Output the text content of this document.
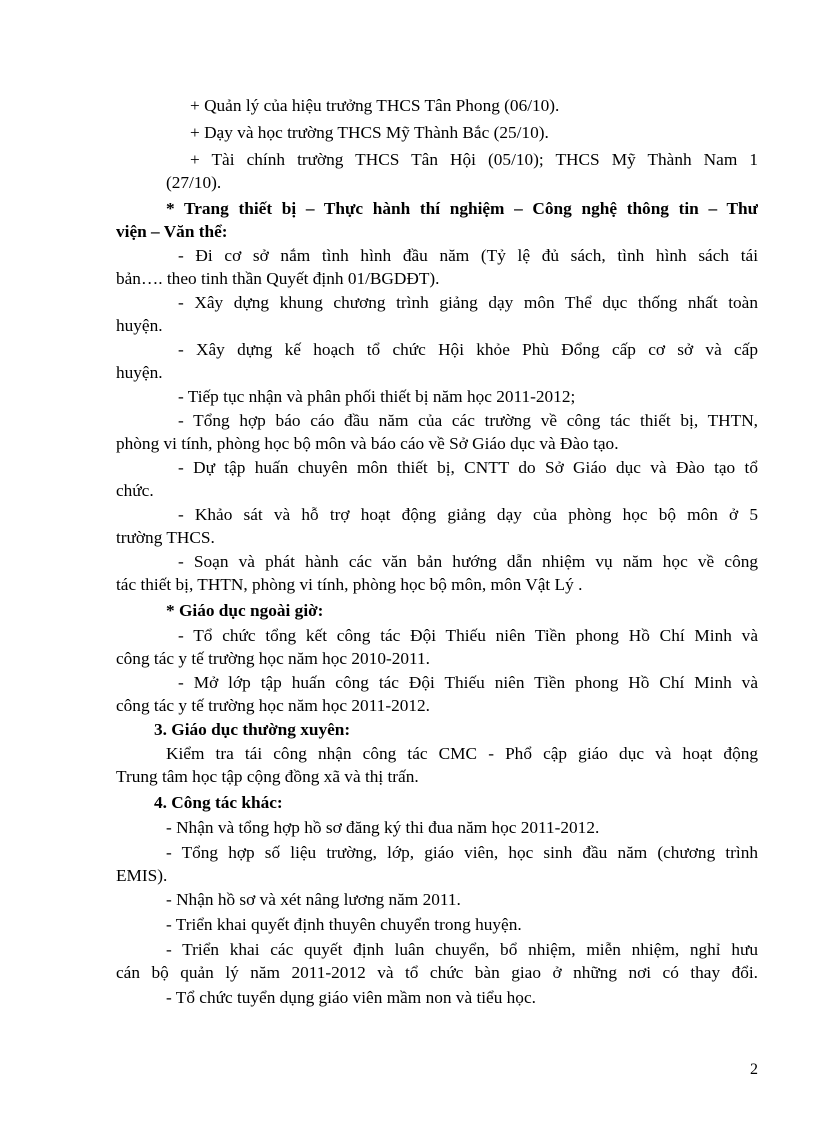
+ Quản lý của hiệu trưởng THCS Tân Phong (06/10).
+ Dạy và học trường THCS Mỹ Thành Bắc (25/10).
+ Tài chính trường THCS Tân Hội (05/10); THCS Mỹ Thành Nam 1
(27/10).
* Trang thiết bị – Thực hành thí nghiệm – Công nghệ thông tin – Thư
viện – Văn thể:
- Đi cơ sở nắm tình hình đầu năm (Tỷ lệ đủ sách, tình hình sách tái
bản…. theo tinh thần Quyết định 01/BGDĐT).
- Xây dựng khung chương trình giảng dạy môn Thể dục thống nhất toàn
huyện.
- Xây dựng kế hoạch tổ chức Hội khỏe Phù Đổng cấp cơ sở và cấp
huyện.
- Tiếp tục nhận và phân phối thiết bị năm học 2011-2012;
- Tổng hợp báo cáo đầu năm của các trường về công tác thiết bị, THTN,
phòng vi tính, phòng học bộ môn và báo cáo về Sở Giáo dục và Đào tạo.
- Dự tập huấn chuyên môn thiết bị, CNTT do Sở Giáo dục và Đào tạo tổ
chức.
- Khảo sát và hỗ trợ hoạt động giảng dạy của phòng học bộ môn ở 5
trường THCS.
- Soạn và phát hành các văn bản hướng dẫn nhiệm vụ năm học về công
tác thiết bị, THTN, phòng vi tính, phòng học bộ môn, môn Vật Lý .
* Giáo dục ngoài giờ:
- Tổ chức tổng kết công tác Đội Thiếu niên Tiền phong Hồ Chí Minh và
công tác y tế trường học năm học 2010-2011.
- Mở lớp tập huấn công tác Đội Thiếu niên Tiền phong Hồ Chí Minh và
công tác y tế trường học năm học 2011-2012.
3. Giáo dục thường xuyên:
Kiểm tra tái công nhận công tác CMC - Phổ cập giáo dục và hoạt động
Trung tâm học tập cộng đồng xã và thị trấn.
4. Công tác khác:
- Nhận và tổng hợp hồ sơ đăng ký thi đua năm học 2011-2012.
- Tổng hợp số liệu trường, lớp, giáo viên, học sinh đầu năm (chương trình
EMIS).
- Nhận hồ sơ và xét nâng lương năm 2011.
- Triển khai quyết định thuyên chuyển trong huyện.
- Triển khai các quyết định luân chuyển, bổ nhiệm, miễn nhiệm, nghỉ hưu
cán bộ quản lý năm 2011-2012 và tổ chức bàn giao ở những nơi có thay đổi.
- Tổ chức tuyển dụng giáo viên mầm non và tiểu học.
2
